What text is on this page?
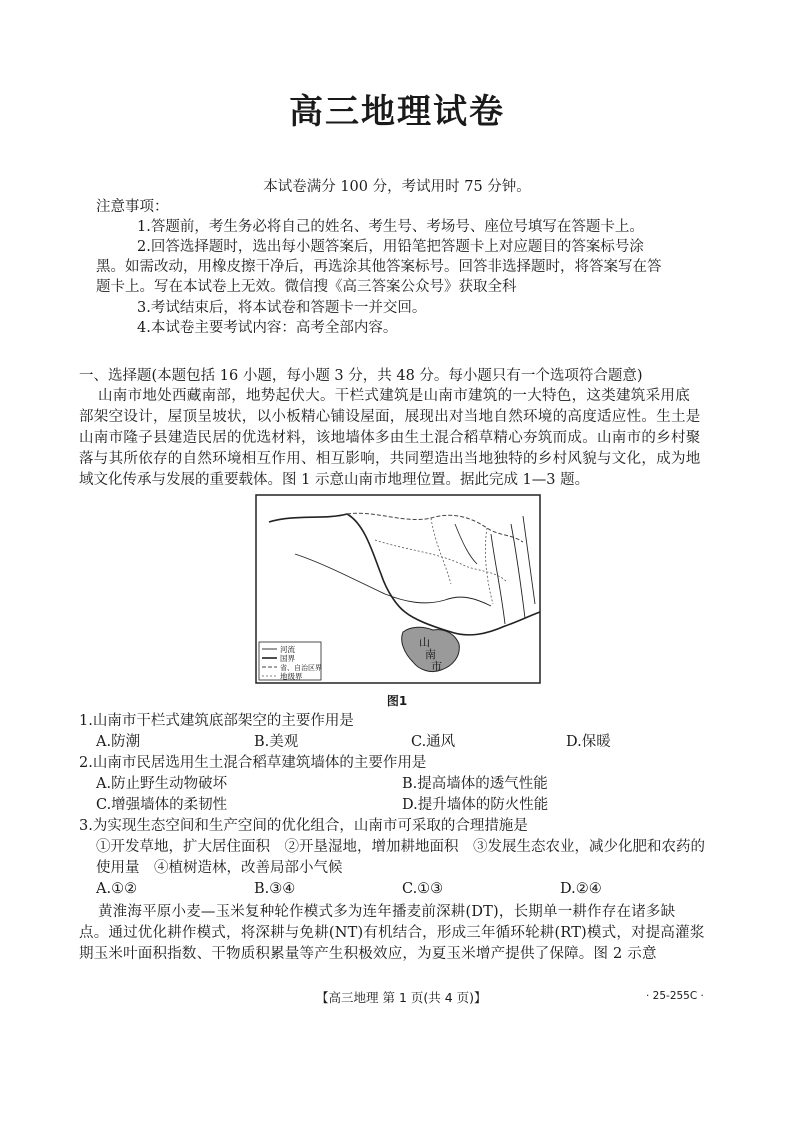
高三地理试卷
本试卷满分 100 分，考试用时 75 分钟。
注意事项：
1.答题前，考生务必将自己的姓名、考生号、考场号、座位号填写在答题卡上。
2.回答选择题时，选出每小题答案后，用铅笔把答题卡上对应题目的答案标号涂
黑。如需改动，用橡皮擦干净后，再选涂其他答案标号。回答非选择题时，将答案写在答
题卡上。写在本试卷上无效。微信搜《高三答案公众号》获取全科
3.考试结束后，将本试卷和答题卡一并交回。
4.本试卷主要考试内容：高考全部内容。
一、选择题(本题包括 16 小题，每小题 3 分，共 48 分。每小题只有一个选项符合题意)
山南市地处西藏南部，地势起伏大。干栏式建筑是山南市建筑的一大特色，这类建筑采用底
部架空设计，屋顶呈坡状，以小板精心铺设屋面，展现出对当地自然环境的高度适应性。生土是
山南市隆子县建造民居的优选材料，该地墙体多由生土混合稻草精心夯筑而成。山南市的乡村聚
落与其所依存的自然环境相互作用、相互影响，共同塑造出当地独特的乡村风貌与文化，成为地
域文化传承与发展的重要载体。图 1 示意山南市地理位置。据此完成 1—3 题。
山
南
市
河流
国界
省、自治区界
地级界
图1
1.山南市干栏式建筑底部架空的主要作用是
A.防潮	B.美观	C.通风	D.保暖
2.山南市民居选用生土混合稻草建筑墙体的主要作用是
A.防止野生动物破坏	B.提高墙体的透气性能
C.增强墙体的柔韧性	D.提升墙体的防火性能
3.为实现生态空间和生产空间的优化组合，山南市可采取的合理措施是
①开发草地，扩大居住面积　②开垦湿地，增加耕地面积　③发展生态农业，减少化肥和农药的
使用量　④植树造林，改善局部小气候
A.①②	B.③④	C.①③	D.②④
黄淮海平原小麦—玉米复种轮作模式多为连年播麦前深耕(DT)，长期单一耕作存在诸多缺
点。通过优化耕作模式，将深耕与免耕(NT)有机结合，形成三年循环轮耕(RT)模式，对提高灌浆
期玉米叶面积指数、干物质积累量等产生积极效应，为夏玉米增产提供了保障。图 2 示意
【高三地理 第 1 页(共 4 页)】	· 25-255C ·
